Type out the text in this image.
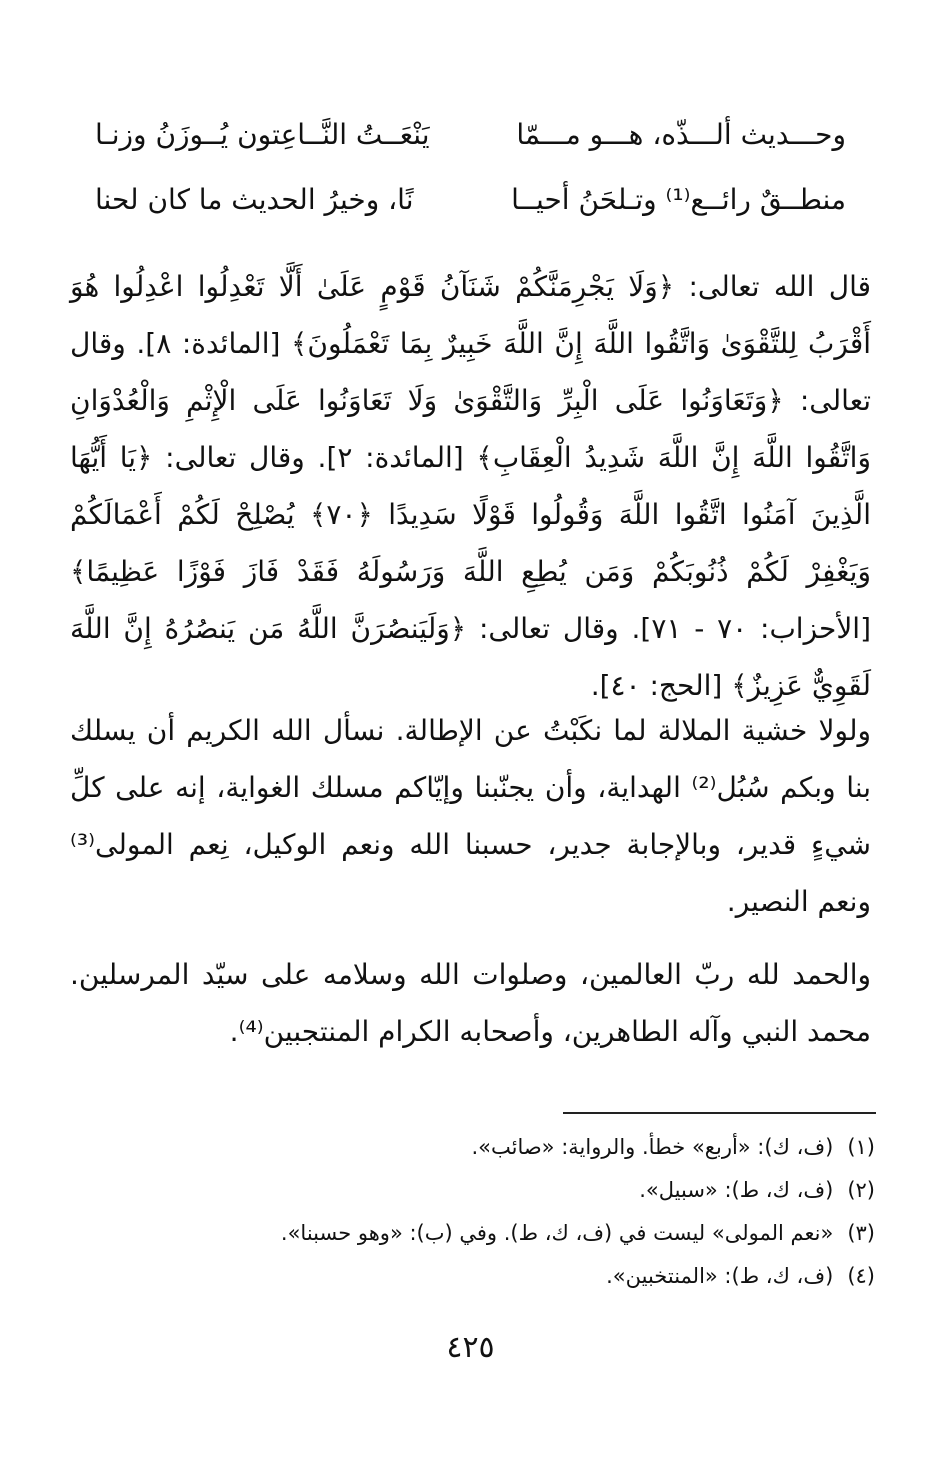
وحـــديث ألـــذّه، هـــو مـــمّا
يَنْعَــتُ النَّــاعِتون يُــوزَنُ وزنـا
منطــقٌ رائــع⁽¹⁾ وتـلحَنُ أحيــا
نًا، وخيرُ الحديث ما كان لحنا

قال الله تعالى: ﴿وَلَا يَجْرِمَنَّكُمْ شَنَآنُ قَوْمٍ عَلَىٰ أَلَّا تَعْدِلُوا اعْدِلُوا هُوَ أَقْرَبُ لِلتَّقْوَىٰ وَاتَّقُوا اللَّهَ إِنَّ اللَّهَ خَبِيرٌ بِمَا تَعْمَلُونَ﴾ [المائدة: ٨]. وقال تعالى: ﴿وَتَعَاوَنُوا عَلَى الْبِرِّ وَالتَّقْوَىٰ وَلَا تَعَاوَنُوا عَلَى الْإِثْمِ وَالْعُدْوَانِ وَاتَّقُوا اللَّهَ إِنَّ اللَّهَ شَدِيدُ الْعِقَابِ﴾ [المائدة: ٢]. وقال تعالى: ﴿يَا أَيُّهَا الَّذِينَ آمَنُوا اتَّقُوا اللَّهَ وَقُولُوا قَوْلًا سَدِيدًا ﴿٧٠﴾ يُصْلِحْ لَكُمْ أَعْمَالَكُمْ وَيَغْفِرْ لَكُمْ ذُنُوبَكُمْ وَمَن يُطِعِ اللَّهَ وَرَسُولَهُ فَقَدْ فَازَ فَوْزًا عَظِيمًا﴾ [الأحزاب: ٧٠ - ٧١]. وقال تعالى: ﴿وَلَيَنصُرَنَّ اللَّهُ مَن يَنصُرُهُ إِنَّ اللَّهَ لَقَوِيٌّ عَزِيزٌ﴾ [الحج: ٤٠].

ولولا خشية الملالة لما نكَبْتُ عن الإطالة. نسأل الله الكريم أن يسلك بنا وبكم سُبُل⁽²⁾ الهداية، وأن يجنّبنا وإيّاكم مسلك الغواية، إنه على كلِّ شيءٍ قدير، وبالإجابة جدير، حسبنا الله ونعم الوكيل، نِعم المولى⁽³⁾ ونعم النصير.

والحمد لله ربّ العالمين، وصلوات الله وسلامه على سيّد المرسلين. محمد النبي وآله الطاهرين، وأصحابه الكرام المنتجبين⁽⁴⁾.

(١)(ف، ك): «أربع» خطأ. والرواية: «صائب».
(٢)(ف، ك، ط): «سبيل».
(٣)«نعم المولى» ليست في (ف، ك، ط). وفي (ب): «وهو حسبنا».
(٤)(ف، ك، ط): «المنتخبين».
٤٢٥
